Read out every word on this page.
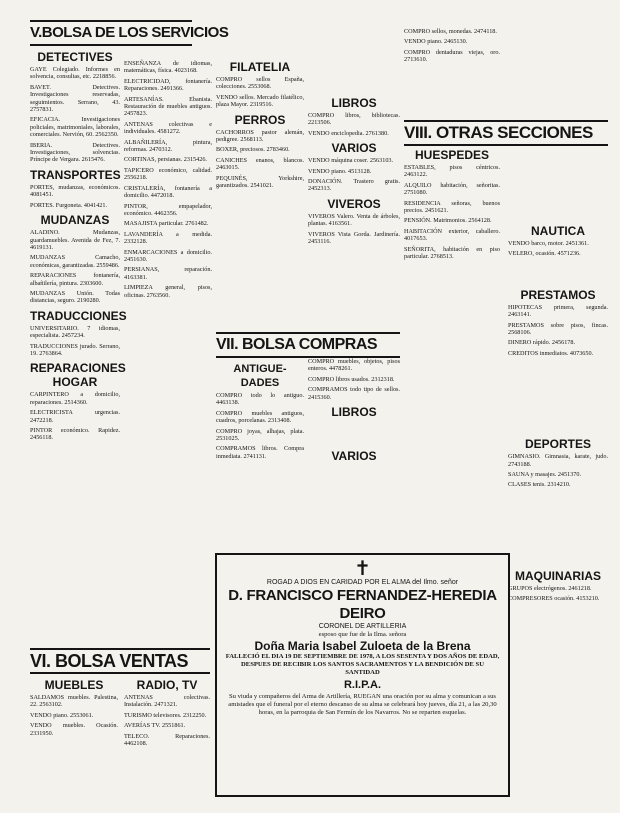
V.BOLSA DE LOS SERVICIOS
DETECTIVES

GAYE Colegiado. Informes en solvencia, consultas, etc. 2218856.

BAVET. Detectives. Investigaciones reservadas, seguimientos. Serrano, 43. 2757831.

EFICACIA. Investigaciones policiales, matrimoniales, laborales, comerciales. Nervión, 60. 2562350.

IBERIA. Detectives. Investigaciones, solvencias. Príncipe de Vergara. 2615476.

TRANSPORTES

PORTES, mudanzas, económicos. 4081451.

PORTES. Furgoneta. 4041421.

MUDANZAS

ALADINO. Mudanzas, guardamuebles. Avenida de Fez, 7. 4619131.

MUDANZAS Camacho, económicas, garantizadas. 2559486.

REPARACIONES fontanería, albañilería, pintura. 2303600.

MUDANZAS Unión. Todas distancias, seguro. 2190280.

TRADUCCIONES

UNIVERSITARIO. 7 idiomas, especialista. 2457234.

TRADUCCIONES jurado. Serrano, 19. 2763864.

REPARACIONES HOGAR

CARPINTERO a domicilio, reparaciones. 2514360.

ELECTRICISTA urgencias. 2472218.

PINTOR económico. Rapidez. 2456118.

VI. BOLSA VENTAS
MUEBLES

SALDAMOS muebles. Palestina, 22. 2563102.

VENDO piano. 2553061.

VENDO muebles. Ocasión. 2331950.

RADIO, TV

ANTENAS colectivas. Instalación. 2471321.

TURISMO televisores. 2312250.

AVERÍAS TV. 2551861.

TELECO. Reparaciones. 4462108.

ENSEÑANZA de idiomas, matemáticas, física. 4023168.

ELECTRICIDAD, fontanería. Reparaciones. 2491366.

ARTESANÍAS. Ebanista. Restauración de muebles antiguos. 2457823.

ANTENAS colectivas e individuales. 4581272.

ALBAÑILERÍA, pintura, reformas. 2470312.

CORTINAS, persianas. 2315426.

TAPICERO económico, calidad. 2556218.

CRISTALERÍA, fontanería a domicilio. 4472018.

PINTOR, empapelador, económico. 4462356.

MASAJISTA particular. 2761482.

LAVANDERÍA a medida. 2332128.

ENMARCACIONES a domicilio. 2451630.

PERSIANAS, reparación. 4163381.

LIMPIEZA general, pisos, oficinas. 2763560.

FILATELIA

COMPRO sellos España, colecciones. 2553068.

VENDO sellos. Mercado filatélico, plaza Mayor. 2319516.

PERROS

CACHORROS pastor alemán, pedigree. 2568113.

BOXER, preciosos. 2783460.

CANICHES enanos, blancos. 2463015.

PEQUINÉS, Yorkshire, garantizados. 2541021.

LIBROS

COMPRO libros, bibliotecas. 2213506.

VENDO enciclopedia. 2761380.

VARIOS

VENDO máquina coser. 2563103.

VENDO piano. 4513128.

DONACIÓN. Trastero gratis. 2452313.

VIVEROS

VIVEROS Valero. Venta de árboles, plantas. 4163561.

VIVEROS Vista Gorda. Jardinería. 2453116.

VII. BOLSA COMPRAS
ANTIGUE-DADES

COMPRO todo lo antiguo. 4463138.

COMPRO muebles antiguos, cuadros, porcelanas. 2313408.

COMPRO joyas, alhajas, plata. 2531025.

COMPRAMOS libros. Compra inmediata. 2741131.

COMPRO muebles, objetos, pisos enteros. 4478261.

COMPRO libros usados. 2312318.

COMPRAMOS todo tipo de sellos. 2415360.

LIBROS
VARIOS

COMPRO sellos, monedas. 2474118.

VENDO piano. 2465130.

COMPRO dentaduras viejas, oro. 2713610.

VIII. OTRAS SECCIONES
HUESPEDES

ESTABLES, pisos céntricos. 2463122.

ALQUILO habitación, señoritas. 2751080.

RESIDENCIA señoras, buenos precios. 2451621.

PENSIÓN. Matrimonios. 2564128.

HABITACIÓN exterior, caballero. 4017653.

SEÑORITA, habitación en piso particular. 2768513.

NAUTICA

VENDO barco, motor. 2451361.

VELERO, ocasión. 4571236.

PRESTAMOS

HIPOTECAS primera, segunda. 2463141.

PRESTAMOS sobre pisos, fincas. 2568106.

DINERO rápido. 2456178.

CREDITOS inmediatos. 4073650.

DEPORTES

GIMNASIO. Gimnasia, karate, judo. 2743188.

SAUNA y masajes. 2451370.

CLASES tenis. 2314210.

MAQUINARIAS

GRUPOS electrógenos. 2461218.

COMPRESORES ocasión. 4153210.

✝
ROGAD A DIOS EN CARIDAD POR EL ALMA del Ilmo. señor
D. FRANCISCO FERNANDEZ-HEREDIA DEIRO
CORONEL DE ARTILLERIA
esposo que fue de la Ilma. señora
Doña Maria Isabel Zuloeta de la Brena
FALLECIÓ EL DIA 19 DE SEPTIEMBRE DE 1978, A LOS SESENTA Y DOS AÑOS DE EDAD, DESPUES DE RECIBIR LOS SANTOS SACRAMENTOS Y LA BENDICIÓN DE SU SANTIDAD
R.I.P.A.
Su viuda y compañeros del Arma de Artillería, RUEGAN una oración por su alma y comunican a sus amistades que el funeral por el eterno descanso de su alma se celebrará hoy jueves, día 21, a las 20,30 horas, en la parroquia de San Fermín de los Navarros. No se reparten esquelas.
